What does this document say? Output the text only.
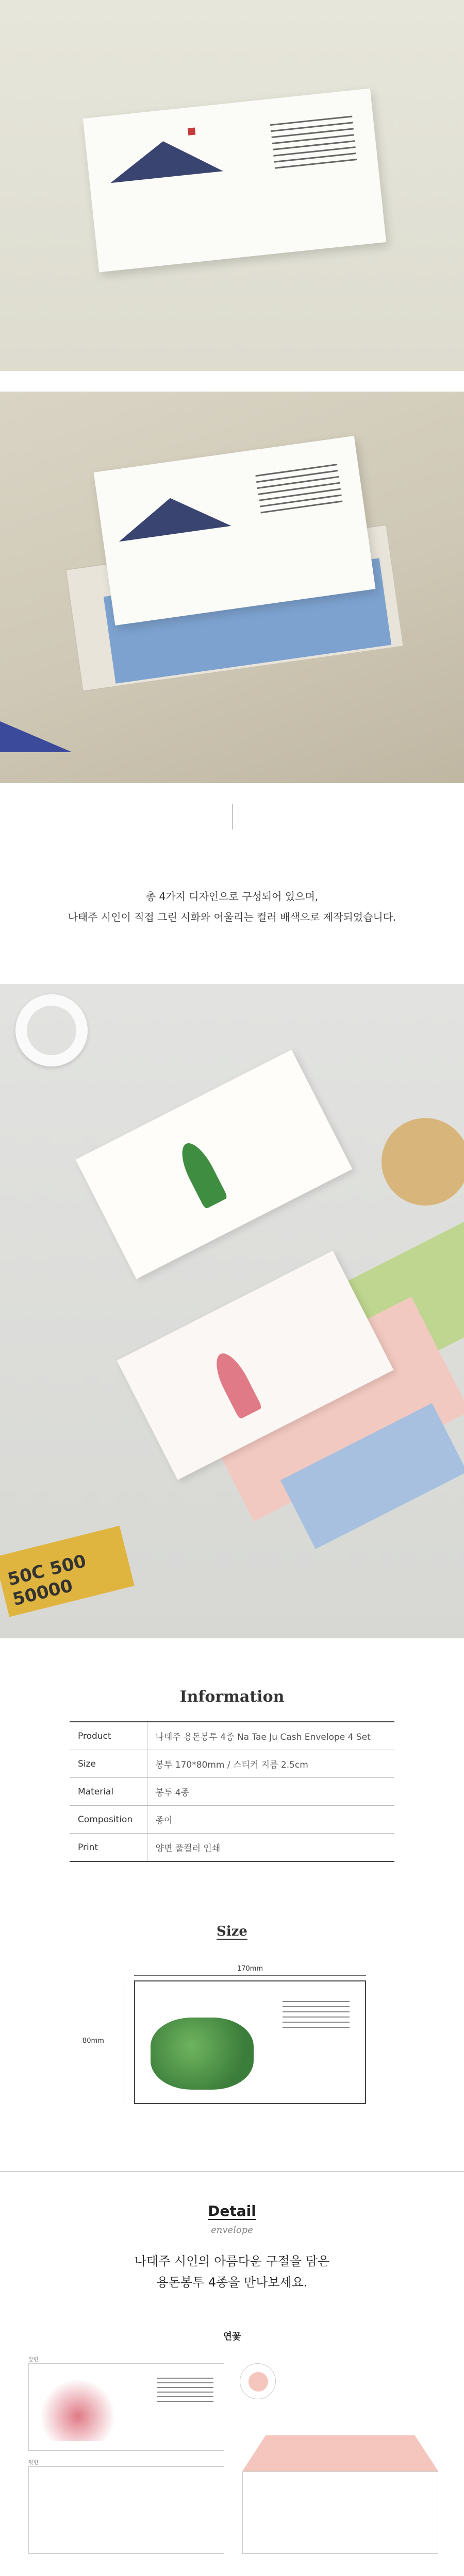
총 4가지 디자인으로 구성되어 있으며,

나태주 시인이 직접 그린 시화와 어울리는 컬러 배색으로 제작되었습니다.

50C 500 50000
Information
Product	나태주 용돈봉투 4종 Na Tae Ju Cash Envelope 4 Set
Size	봉투 170*80mm / 스티커 지름 2.5cm
Material	봉투 4종
Composition	종이
Print	양면 풀컬러 인쇄
Size
170mm
80mm
Detail

envelope

나태주 시인의 아름다운 구절을 담은

용돈봉투 4종을 만나보세요.

연꽃
앞면
뒷면
